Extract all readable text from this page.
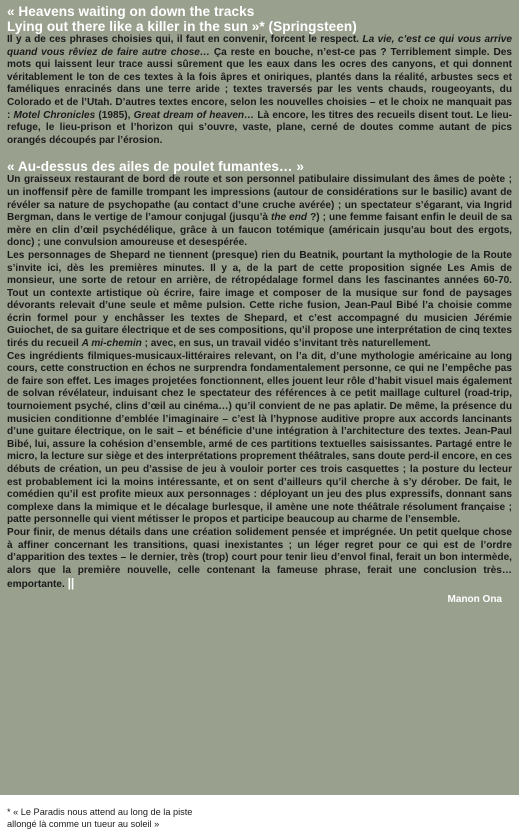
« Heavens waiting on down the tracks
Lying out there like a killer in the sun »* (Springsteen)

Il y a de ces phrases choisies qui, il faut en convenir, forcent le respect. La vie, c’est ce qui vous arrive quand vous rêviez de faire autre chose… Ça reste en bouche, n’est-ce pas ? Terriblement simple. Des mots qui laissent leur trace aussi sûrement que les eaux dans les ocres des canyons, et qui donnent véritablement le ton de ces textes à la fois âpres et oniriques, plantés dans la réalité, arbustes secs et faméliques enracinés dans une terre aride ; textes traversés par les vents chauds, rougeoyants, du Colorado et de l’Utah. D’autres textes encore, selon les nouvelles choisies – et le choix ne manquait pas : Motel Chronicles (1985), Great dream of heaven… Là encore, les titres des recueils disent tout. Le lieu-refuge, le lieu-prison et l’horizon qui s’ouvre, vaste, plane, cerné de doutes comme autant de pics orangés découpés par l’érosion.

« Au-dessus des ailes de poulet fumantes… »

Un graisseux restaurant de bord de route et son personnel patibulaire dissimulant des âmes de poète ; un inoffensif père de famille trompant les impressions (autour de considérations sur le basilic) avant de révéler sa nature de psychopathe (au contact d’une cruche avérée) ; un spectateur s’égarant, via Ingrid Bergman, dans le vertige de l’amour conjugal (jusqu’à the end ?) ; une femme faisant enfin le deuil de sa mère en clin d’œil psychédélique, grâce à un faucon totémique (américain jusqu’au bout des ergots, donc) ; une convulsion amoureuse et desespérée.

Les personnages de Shepard ne tiennent (presque) rien du Beatnik, pourtant la mythologie de la Route s’invite ici, dès les premières minutes. Il y a, de la part de cette proposition signée Les Amis de monsieur, une sorte de retour en arrière, de rétropédalage formel dans les fascinantes années 60-70. Tout un contexte artistique où écrire, faire image et composer de la musique sur fond de paysages dévorants relevait d’une seule et même pulsion. Cette riche fusion, Jean-Paul Bibé l’a choisie comme écrin formel pour y enchâsser les textes de Shepard, et c’est accompagné du musicien Jérémie Guiochet, de sa guitare électrique et de ses compositions, qu’il propose une interprétation de cinq textes tirés du recueil A mi-chemin ; avec, en sus, un travail vidéo s’invitant très naturellement.

Ces ingrédients filmiques-musicaux-littéraires relevant, on l’a dit, d’une mythologie américaine au long cours, cette construction en échos ne surprendra fondamentalement personne, ce qui ne l’empêche pas de faire son effet. Les images projetées fonctionnent, elles jouent leur rôle d’habit visuel mais également de solvan révélateur, induisant chez le spectateur des références à ce petit maillage culturel (road-trip, tournoiement psyché, clins d’œil au cinéma…) qu’il convient de ne pas aplatir. De même, la présence du musicien conditionne d’emblée l’imaginaire – c’est là l’hypnose auditive propre aux accords lancinants d’une guitare électrique, on le sait – et bénéficie d’une intégration à l’architecture des textes. Jean-Paul Bibé, lui, assure la cohésion d’ensemble, armé de ces partitions textuelles saisissantes. Partagé entre le micro, la lecture sur siège et des interprétations proprement théâtrales, sans doute perd-il encore, en ces débuts de création, un peu d’assise de jeu à vouloir porter ces trois casquettes ; la posture du lecteur est probablement ici la moins intéressante, et on sent d’ailleurs qu’il cherche à s’y dérober. De fait, le comédien qu’il est profite mieux aux personnages : déployant un jeu des plus expressifs, donnant sans complexe dans la mimique et le décalage burlesque, il amène une note théâtrale résolument française ; patte personnelle qui vient métisser le propos et participe beaucoup au charme de l’ensemble.

Pour finir, de menus détails dans une création solidement pensée et imprégnée. Un petit quelque chose à affiner concernant les transitions, quasi inexistantes ; un léger regret pour ce qui est de l’ordre d’apparition des textes – le dernier, très (trop) court pour tenir lieu d’envol final, ferait un bon intermède, alors que la première nouvelle, celle contenant la fameuse phrase, ferait une conclusion très… emportante. ||

Manon Ona

* « Le Paradis nous attend au long de la piste
allongé là comme un tueur au soleil »
